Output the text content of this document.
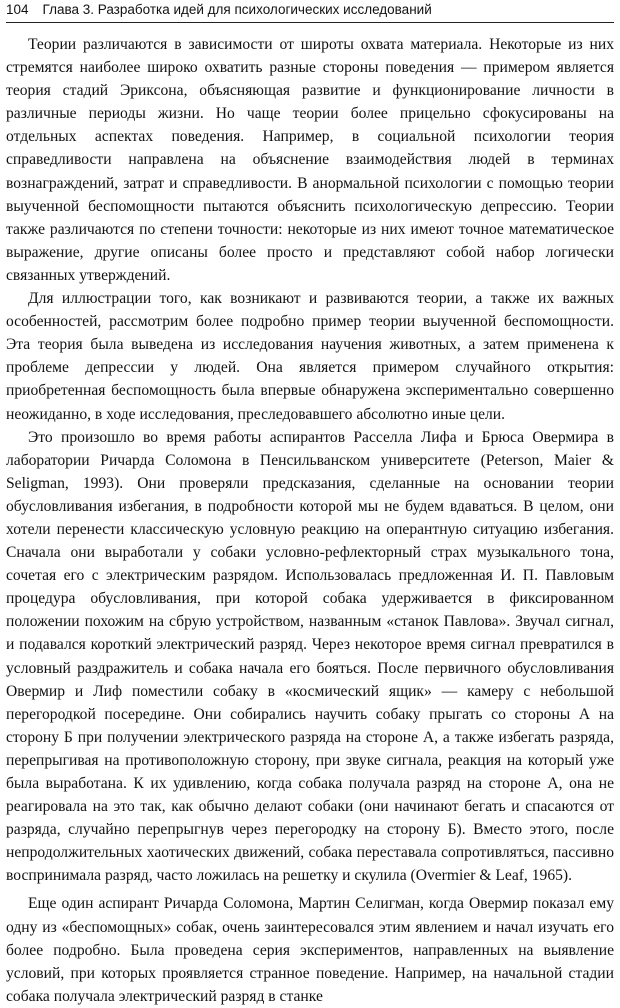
104 Глава 3. Разработка идей для психологических исследований

Теории различаются в зависимости от широты охвата материала. Некоторые из них стремятся наиболее широко охватить разные стороны поведения — примером является теория стадий Эриксона, объясняющая развитие и функционирование личности в различные периоды жизни. Но чаще теории более прицельно сфокусированы на отдельных аспектах поведения. Например, в социальной психологии теория справедливости направлена на объяснение взаимодействия людей в терминах вознаграждений, затрат и справедливости. В анормальной психологии с помощью теории выученной беспомощности пытаются объяснить психологическую депрессию. Теории также различаются по степени точности: некоторые из них имеют точное математическое выражение, другие описаны более просто и представляют собой набор логически связанных утверждений.

Для иллюстрации того, как возникают и развиваются теории, а также их важных особенностей, рассмотрим более подробно пример теории выученной беспомощности. Эта теория была выведена из исследования научения животных, а затем применена к проблеме депрессии у людей. Она является примером случайного открытия: приобретенная беспомощность была впервые обнаружена экспериментально совершенно неожиданно, в ходе исследования, преследовавшего абсолютно иные цели.

Это произошло во время работы аспирантов Расселла Лифа и Брюса Овермира в лаборатории Ричарда Соломона в Пенсильванском университете (Peterson, Maier & Seligman, 1993). Они проверяли предсказания, сделанные на основании теории обусловливания избегания, в подробности которой мы не будем вдаваться. В целом, они хотели перенести классическую условную реакцию на оперантную ситуацию избегания. Сначала они выработали у собаки условно-рефлекторный страх музыкального тона, сочетая его с электрическим разрядом. Использовалась предложенная И. П. Павловым процедура обусловливания, при которой собака удерживается в фиксированном положении похожим на сбрую устройством, названным «станок Павлова». Звучал сигнал, и подавался короткий электрический разряд. Через некоторое время сигнал превратился в условный раздражитель и собака начала его бояться. После первичного обусловливания Овермир и Лиф поместили собаку в «космический ящик» — камеру с небольшой перегородкой посередине. Они собирались научить собаку прыгать со стороны А на сторону Б при получении электрического разряда на стороне А, а также избегать разряда, перепрыгивая на противоположную сторону, при звуке сигнала, реакция на который уже была выработана. К их удивлению, когда собака получала разряд на стороне А, она не реагировала на это так, как обычно делают собаки (они начинают бегать и спасаются от разряда, случайно перепрыгнув через перегородку на сторону Б). Вместо этого, после непродолжительных хаотических движений, собака переставала сопротивляться, пассивно воспринимала разряд, часто ложилась на решетку и скулила (Overmier & Leaf, 1965).

Еще один аспирант Ричарда Соломона, Мартин Селигман, когда Овермир показал ему одну из «беспомощных» собак, очень заинтересовался этим явлением и начал изучать его более подробно. Была проведена серия экспериментов, направленных на выявление условий, при которых проявляется странное поведение. Например, на начальной стадии собака получала электрический разряд в станке
